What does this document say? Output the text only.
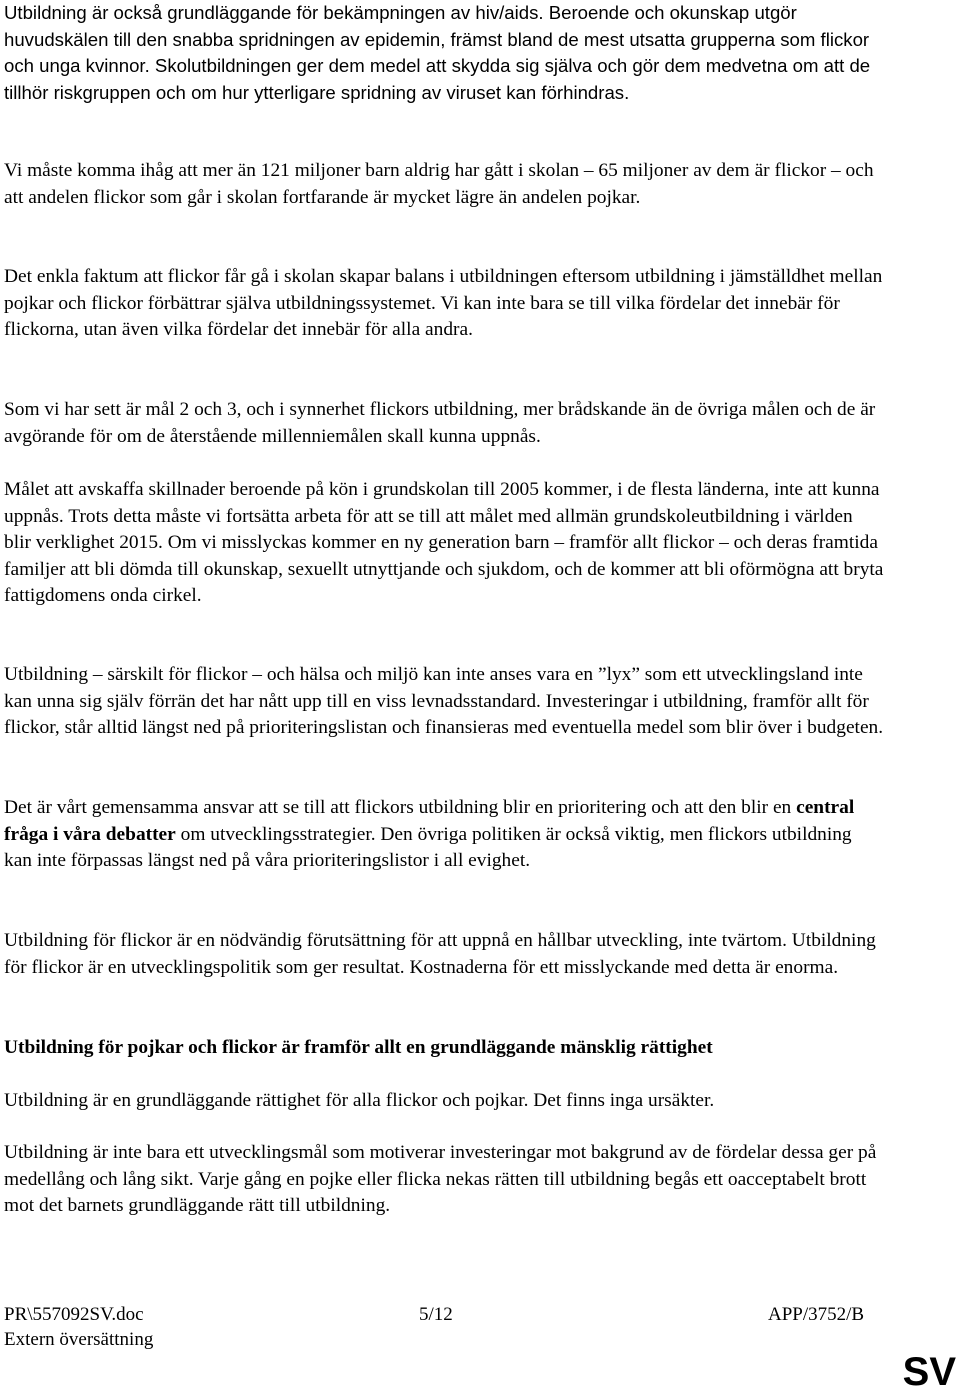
Utbildning är också grundläggande för bekämpningen av hiv/aids. Beroende och okunskap utgör huvudskälen till den snabba spridningen av epidemin, främst bland de mest utsatta grupperna som flickor och unga kvinnor. Skolutbildningen ger dem medel att skydda sig själva och gör dem medvetna om att de tillhör riskgruppen och om hur ytterligare spridning av viruset kan förhindras.

Vi måste komma ihåg att mer än 121 miljoner barn aldrig har gått i skolan – 65 miljoner av dem är flickor – och att andelen flickor som går i skolan fortfarande är mycket lägre än andelen pojkar.

Det enkla faktum att flickor får gå i skolan skapar balans i utbildningen eftersom utbildning i jämställdhet mellan pojkar och flickor förbättrar själva utbildningssystemet. Vi kan inte bara se till vilka fördelar det innebär för flickorna, utan även vilka fördelar det innebär för alla andra.

Som vi har sett är mål 2 och 3, och i synnerhet flickors utbildning, mer brådskande än de övriga målen och de är avgörande för om de återstående millenniemålen skall kunna uppnås.

Målet att avskaffa skillnader beroende på kön i grundskolan till 2005 kommer, i de flesta länderna, inte att kunna uppnås. Trots detta måste vi fortsätta arbeta för att se till att målet med allmän grundskoleutbildning i världen blir verklighet 2015. Om vi misslyckas kommer en ny generation barn – framför allt flickor – och deras framtida familjer att bli dömda till okunskap, sexuellt utnyttjande och sjukdom, och de kommer att bli oförmögna att bryta fattigdomens onda cirkel.

Utbildning – särskilt för flickor – och hälsa och miljö kan inte anses vara en ”lyx” som ett utvecklingsland inte kan unna sig själv förrän det har nått upp till en viss levnadsstandard. Investeringar i utbildning, framför allt för flickor, står alltid längst ned på prioriteringslistan och finansieras med eventuella medel som blir över i budgeten.

Det är vårt gemensamma ansvar att se till att flickors utbildning blir en prioritering och att den blir en central fråga i våra debatter om utvecklingsstrategier. Den övriga politiken är också viktig, men flickors utbildning kan inte förpassas längst ned på våra prioriteringslistor i all evighet.

Utbildning för flickor är en nödvändig förutsättning för att uppnå en hållbar utveckling, inte tvärtom. Utbildning för flickor är en utvecklingspolitik som ger resultat. Kostnaderna för ett misslyckande med detta är enorma.

Utbildning för pojkar och flickor är framför allt en grundläggande mänsklig rättighet

Utbildning är en grundläggande rättighet för alla flickor och pojkar. Det finns inga ursäkter.

Utbildning är inte bara ett utvecklingsmål som motiverar investeringar mot bakgrund av de fördelar dessa ger på medellång och lång sikt. Varje gång en pojke eller flicka nekas rätten till utbildning begås ett oacceptabelt brott mot det barnets grundläggande rätt till utbildning.

PR\557092SV.doc	5/12	APP/3752/B
Extern översättning
SV
